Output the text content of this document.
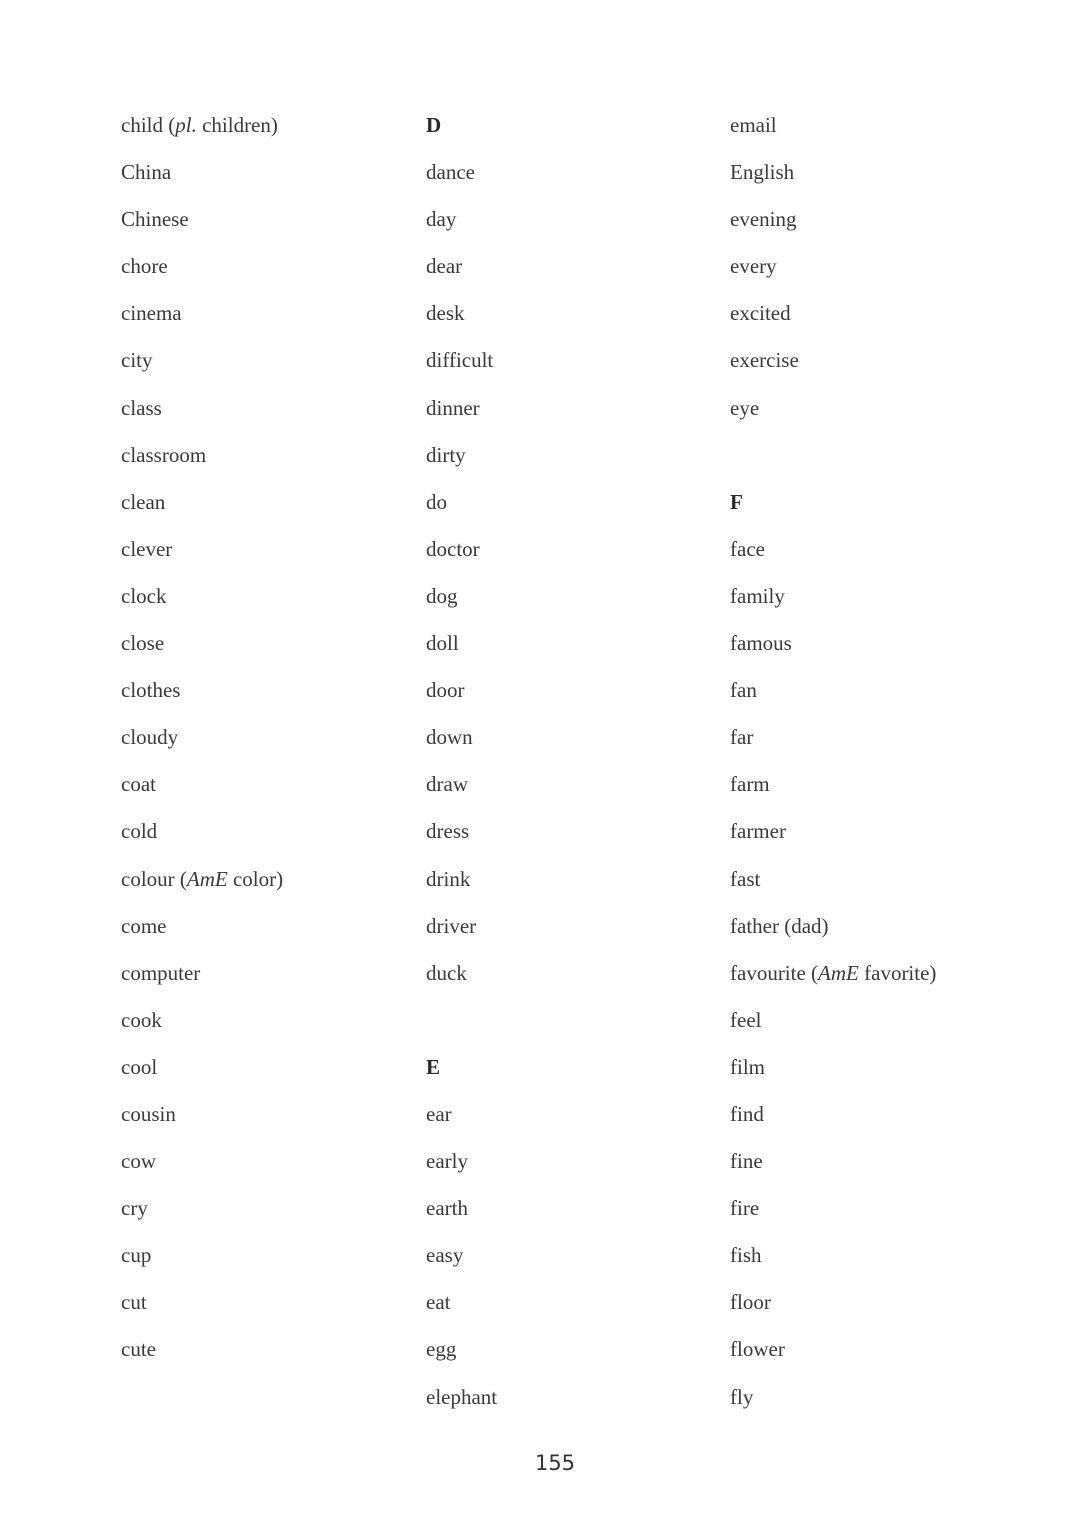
child (pl. children)
China
Chinese
chore
cinema
city
class
classroom
clean
clever
clock
close
clothes
cloudy
coat
cold
colour (AmE color)
come
computer
cook
cool
cousin
cow
cry
cup
cut
cute
D
dance
day
dear
desk
difficult
dinner
dirty
do
doctor
dog
doll
door
down
draw
dress
drink
driver
duck
E
ear
early
earth
easy
eat
egg
elephant
email
English
evening
every
excited
exercise
eye
F
face
family
famous
fan
far
farm
farmer
fast
father (dad)
favourite (AmE favorite)
feel
film
find
fine
fire
fish
floor
flower
fly
155
